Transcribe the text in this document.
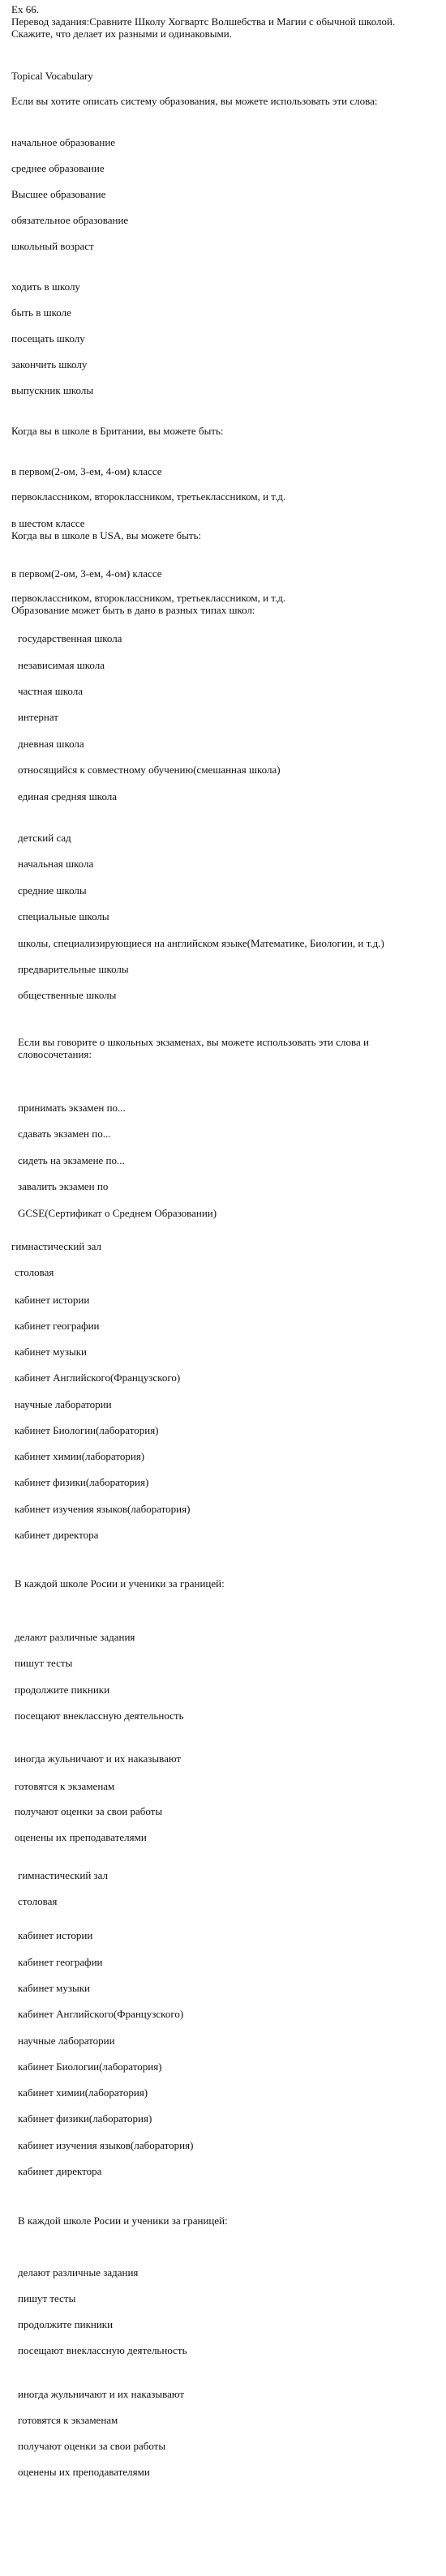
Ex 66.
Перевод задания:Сравните Школу Хогвартс Волшебства и Магии с обычной школой.
Скажите, что делает их разными и одинаковыми.
Topical Vocabulary
Если вы хотите описать систему образования, вы можете использовать эти слова:
начальное образование
среднее образование
Высшее образование
обязательное образование
школьный возраст
ходить в школу
быть в школе
посещать школу
закончить школу
выпускник школы
Когда вы в школе в Британии, вы можете быть:
в первом(2-ом, 3-ем, 4-ом) классе
первоклассником, второклассником, третьеклассником, и т.д.
в шестом классе
Когда вы в школе в USA, вы можете быть:
в первом(2-ом, 3-ем, 4-ом) классе
первоклассником, второклассником, третьеклассником, и т.д.
Образование может быть в дано в разных типах школ:
государственная школа
независимая школа
частная школа
интернат
дневная школа
относящийся к совместному обучению(смешанная школа)
единая средняя школа
детский сад
начальная школа
средние школы
специальные школы
школы, специализирующиеся на английском языке(Математике, Биологии, и т.д.)
предварительные школы
общественные школы
Если вы говорите о школьных экзаменах, вы можете использовать эти слова и
словосочетания:
принимать экзамен по...
сдавать экзамен по...
сидеть на экзамене по...
завалить экзамен по
GCSE(Сертификат о Среднем Образовании)
гимнастический зал
столовая
кабинет истории
кабинет географии
кабинет музыки
кабинет Английского(Французского)
научные лаборатории
кабинет Биологии(лаборатория)
кабинет химии(лаборатория)
кабинет физики(лаборатория)
кабинет изучения языков(лаборатория)
кабинет директора
В каждой школе Росии и ученики за границей:
делают различные задания
пишут тесты
продолжите пикники
посещают внеклассную деятельность
иногда жульничают и их наказывают
готовятся к экзаменам
получают оценки за свои работы
оценены их преподавателями
гимнастический зал
столовая
кабинет истории
кабинет географии
кабинет музыки
кабинет Английского(Французского)
научные лаборатории
кабинет Биологии(лаборатория)
кабинет химии(лаборатория)
кабинет физики(лаборатория)
кабинет изучения языков(лаборатория)
кабинет директора
В каждой школе Росии и ученики за границей:
делают различные задания
пишут тесты
продолжите пикники
посещают внеклассную деятельность
иногда жульничают и их наказывают
готовятся к экзаменам
получают оценки за свои работы
оценены их преподавателями
